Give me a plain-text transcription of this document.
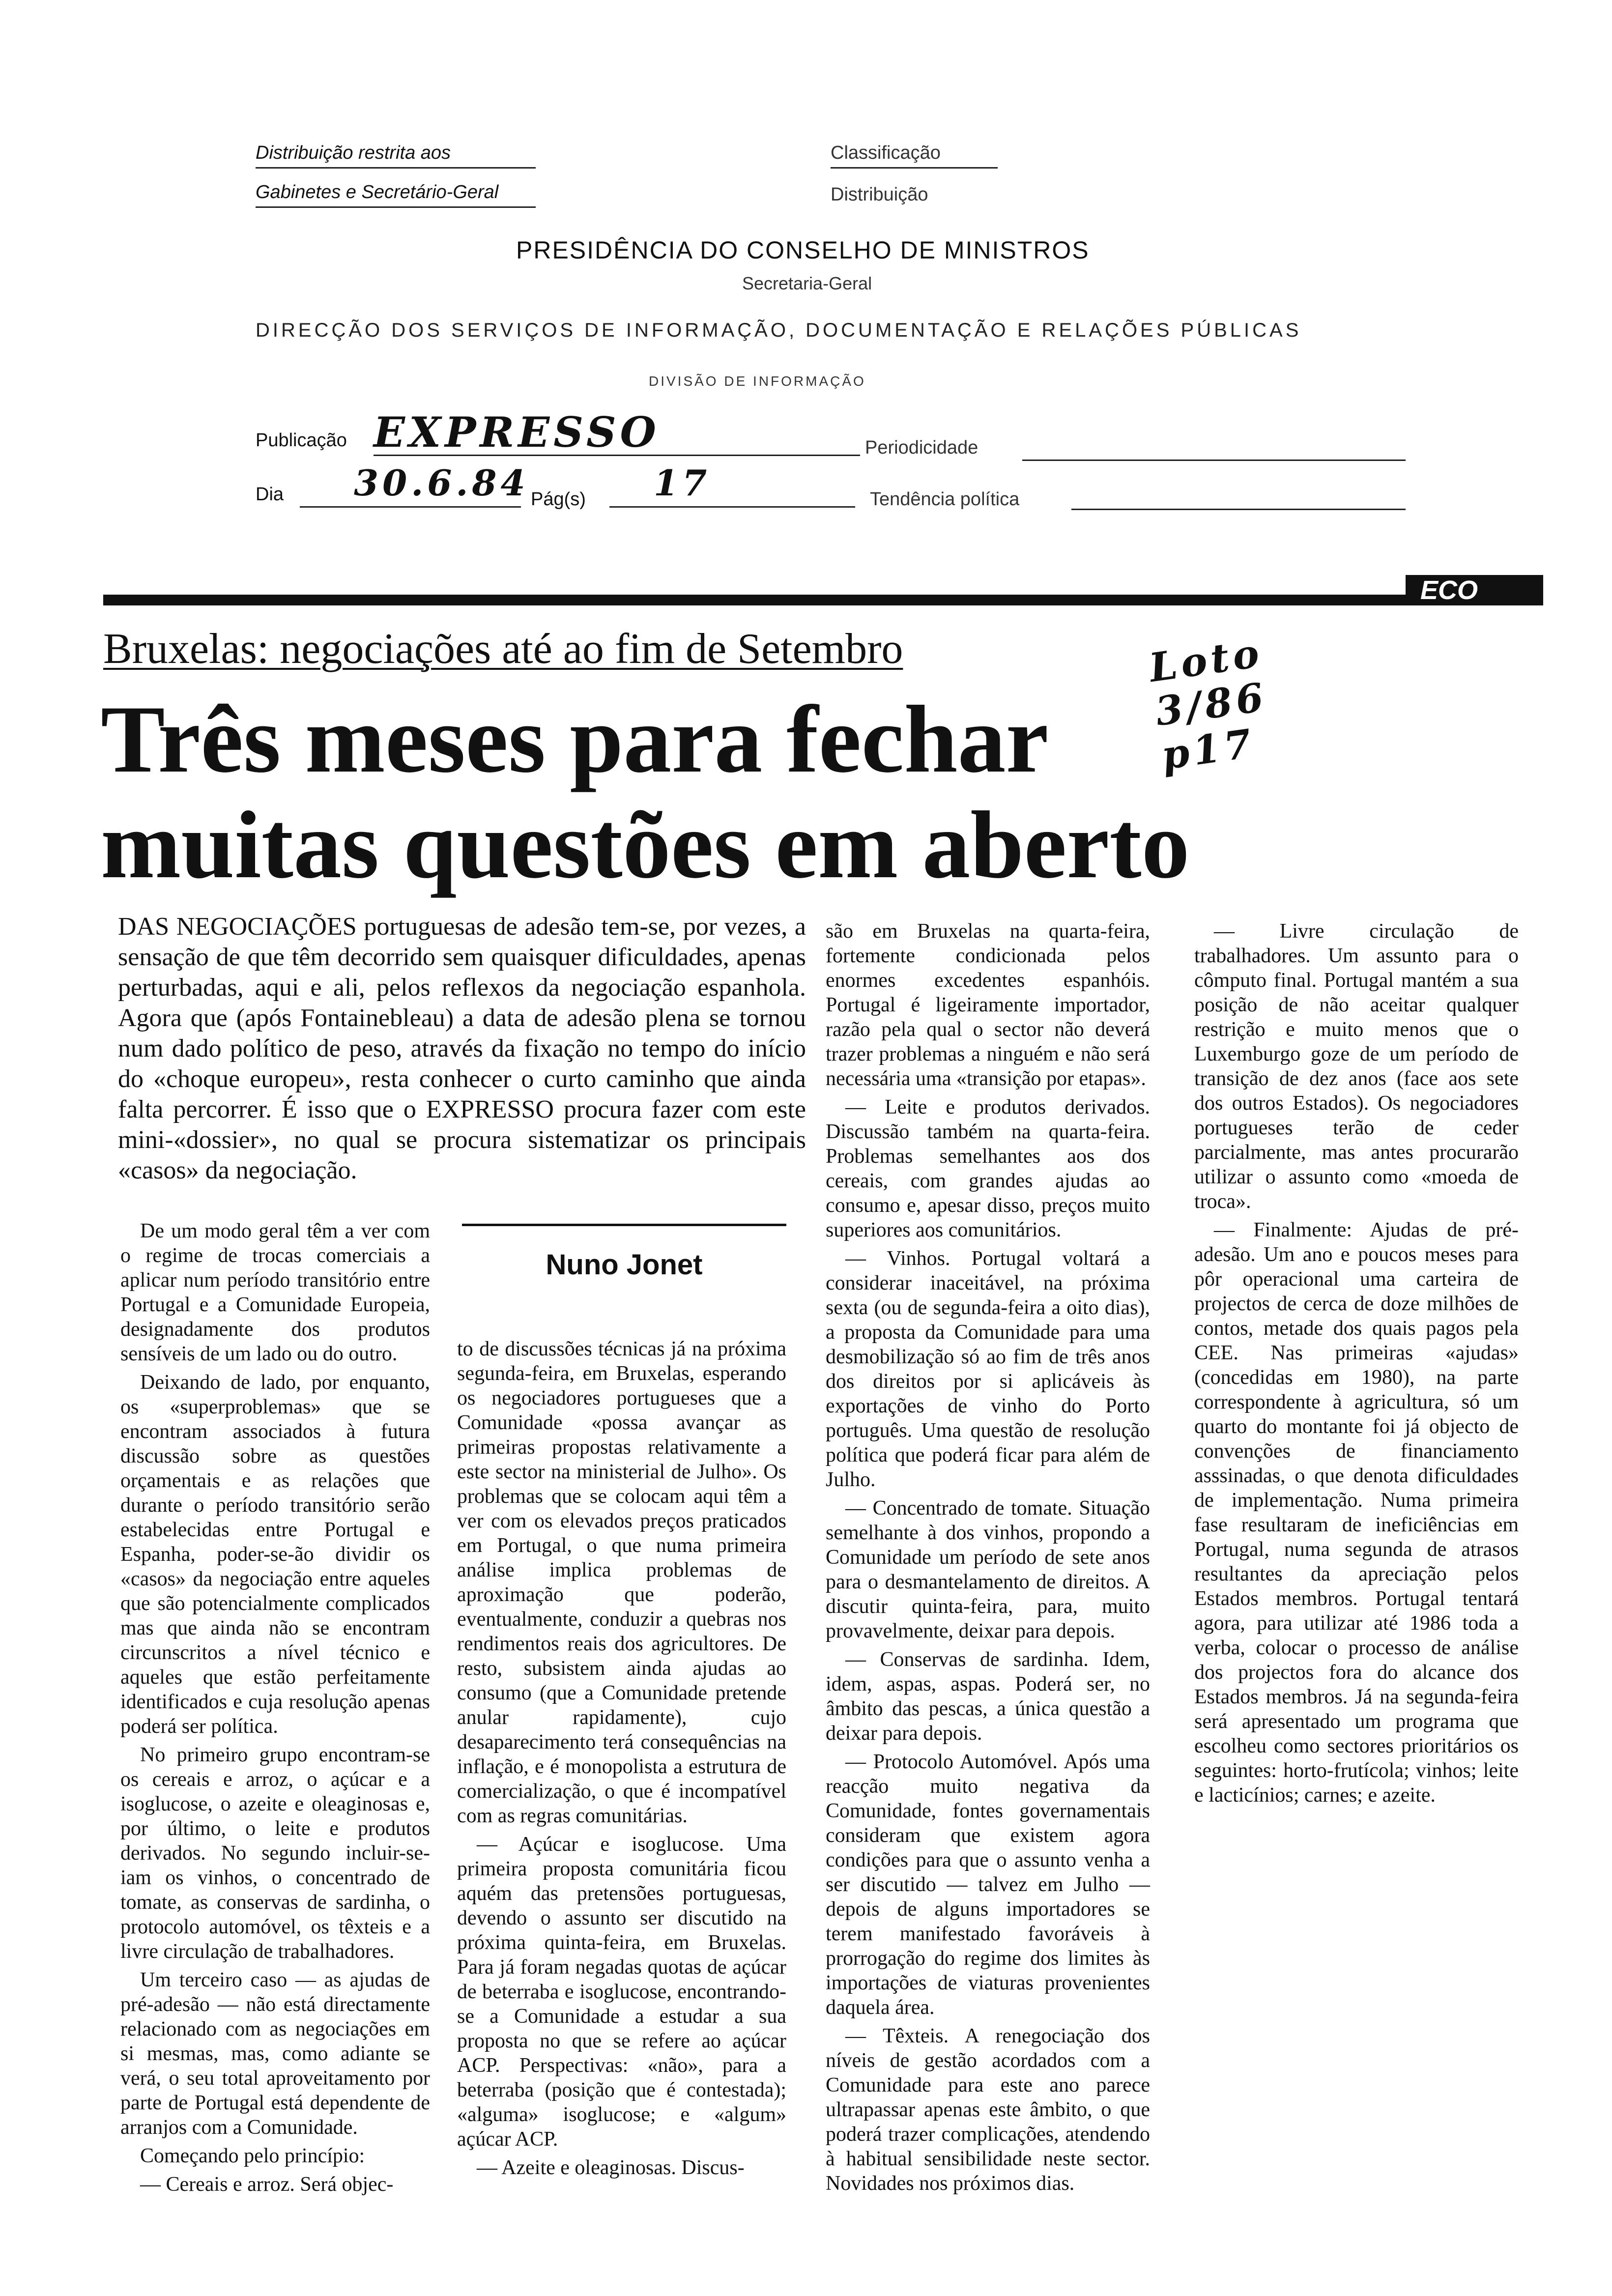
Distribuição restrita aos
Gabinetes e Secretário-Geral
Classificação
Distribuição
PRESIDÊNCIA DO CONSELHO DE MINISTROS
Secretaria-Geral
DIRECÇÃO DOS SERVIÇOS DE INFORMAÇÃO, DOCUMENTAÇÃO E RELAÇÕES PÚBLICAS
DIVISÃO DE INFORMAÇÃO
Publicação EXPRESSO	Periodicidade
Dia 30.6.84 Pág(s) 17	Tendência política
ECO
Bruxelas: negociações até ao fim de Setembro	Loto 3/86 p17
Três meses para fechar
muitas questões em aberto
DAS NEGOCIAÇÕES portuguesas de adesão tem-se, por vezes, a sensação de que têm decorrido sem quaisquer dificuldades, apenas perturbadas, aqui e ali, pelos reflexos da negociação espanhola. Agora que (após Fontainebleau) a data de adesão plena se tornou num dado político de peso, através da fixação no tempo do início do «choque europeu», resta conhecer o curto caminho que ainda falta percorrer. É isso que o EXPRESSO procura fazer com este mini-«dossier», no qual se procura sistematizar os principais «casos» da negociação.
Nuno Jonet

De um modo geral têm a ver com o regime de trocas comerciais a aplicar num período transitório entre Portugal e a Comunidade Europeia, designadamente dos produtos sensíveis de um lado ou do outro.

Deixando de lado, por enquanto, os «superproblemas» que se encontram associados à futura discussão sobre as questões orçamentais e as relações que durante o período transitório serão estabelecidas entre Portugal e Espanha, poder-se-ão dividir os «casos» da negociação entre aqueles que são potencialmente complicados mas que ainda não se encontram circunscritos a nível técnico e aqueles que estão perfeitamente identificados e cuja resolução apenas poderá ser política.

No primeiro grupo encontram-se os cereais e arroz, o açúcar e a isoglucose, o azeite e oleaginosas e, por último, o leite e produtos derivados. No segundo incluir-se-iam os vinhos, o concentrado de tomate, as conservas de sardinha, o protocolo automóvel, os têxteis e a livre circulação de trabalhadores.

Um terceiro caso — as ajudas de pré-adesão — não está directamente relacionado com as negociações em si mesmas, mas, como adiante se verá, o seu total aproveitamento por parte de Portugal está dependente de arranjos com a Comunidade.

Começando pelo princípio:

— Cereais e arroz. Será objec-

to de discussões técnicas já na próxima segunda-feira, em Bruxelas, esperando os negociadores portugueses que a Comunidade «possa avançar as primeiras propostas relativamente a este sector na ministerial de Julho». Os problemas que se colocam aqui têm a ver com os elevados preços praticados em Portugal, o que numa primeira análise implica problemas de aproximação que poderão, eventualmente, conduzir a quebras nos rendimentos reais dos agricultores. De resto, subsistem ainda ajudas ao consumo (que a Comunidade pretende anular rapidamente), cujo desaparecimento terá consequências na inflação, e é monopolista a estrutura de comercialização, o que é incompatível com as regras comunitárias.

— Açúcar e isoglucose. Uma primeira proposta comunitária ficou aquém das pretensões portuguesas, devendo o assunto ser discutido na próxima quinta-feira, em Bruxelas. Para já foram negadas quotas de açúcar de beterraba e isoglucose, encontrando-se a Comunidade a estudar a sua proposta no que se refere ao açúcar ACP. Perspectivas: «não», para a beterraba (posição que é contestada); «alguma» isoglucose; e «algum» açúcar ACP.

— Azeite e oleaginosas. Discus-

são em Bruxelas na quarta-feira, fortemente condicionada pelos enormes excedentes espanhóis. Portugal é ligeiramente importador, razão pela qual o sector não deverá trazer problemas a ninguém e não será necessária uma «transição por etapas».

— Leite e produtos derivados. Discussão também na quarta-feira. Problemas semelhantes aos dos cereais, com grandes ajudas ao consumo e, apesar disso, preços muito superiores aos comunitários.

— Vinhos. Portugal voltará a considerar inaceitável, na próxima sexta (ou de segunda-feira a oito dias), a proposta da Comunidade para uma desmobilização só ao fim de três anos dos direitos por si aplicáveis às exportações de vinho do Porto português. Uma questão de resolução política que poderá ficar para além de Julho.

— Concentrado de tomate. Situação semelhante à dos vinhos, propondo a Comunidade um período de sete anos para o desmantelamento de direitos. A discutir quinta-feira, para, muito provavelmente, deixar para depois.

— Conservas de sardinha. Idem, idem, aspas, aspas. Poderá ser, no âmbito das pescas, a única questão a deixar para depois.

— Protocolo Automóvel. Após uma reacção muito negativa da Comunidade, fontes governamentais consideram que existem agora condições para que o assunto venha a ser discutido — talvez em Julho — depois de alguns importadores se terem manifestado favoráveis à prorrogação do regime dos limites às importações de viaturas provenientes daquela área.

— Têxteis. A renegociação dos níveis de gestão acordados com a Comunidade para este ano parece ultrapassar apenas este âmbito, o que poderá trazer complicações, atendendo à habitual sensibilidade neste sector. Novidades nos próximos dias.

— Livre circulação de trabalhadores. Um assunto para o cômputo final. Portugal mantém a sua posição de não aceitar qualquer restrição e muito menos que o Luxemburgo goze de um período de transição de dez anos (face aos sete dos outros Estados). Os negociadores portugueses terão de ceder parcialmente, mas antes procurarão utilizar o assunto como «moeda de troca».

— Finalmente: Ajudas de pré-adesão. Um ano e poucos meses para pôr operacional uma carteira de projectos de cerca de doze milhões de contos, metade dos quais pagos pela CEE. Nas primeiras «ajudas» (concedidas em 1980), na parte correspondente à agricultura, só um quarto do montante foi já objecto de convenções de financiamento asssinadas, o que denota dificuldades de implementação. Numa primeira fase resultaram de ineficiências em Portugal, numa segunda de atrasos resultantes da apreciação pelos Estados membros. Portugal tentará agora, para utilizar até 1986 toda a verba, colocar o processo de análise dos projectos fora do alcance dos Estados membros. Já na segunda-feira será apresentado um programa que escolheu como sectores prioritários os seguintes: horto-frutícola; vinhos; leite e lacticínios; carnes; e azeite.
